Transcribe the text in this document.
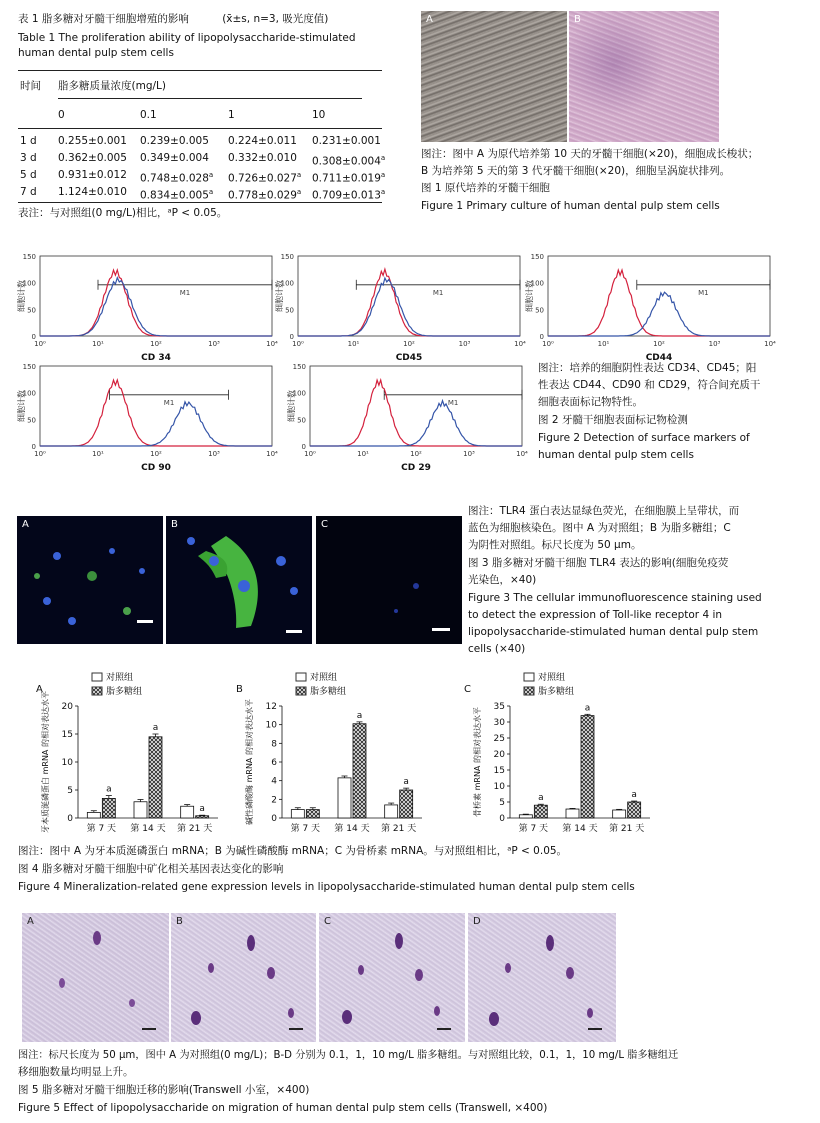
表 1 脂多糖对牙髓干细胞增殖的影响	(x̄±s, n=3, 吸光度值)
Table 1 The proliferation ability of lipopolysaccharide-stimulated
human dental pulp stem cells
时间 脂多糖质量浓度(mg/L)
0	0.1	1	10
1 d 0.255±0.001 0.239±0.005 0.224±0.011 0.231±0.001
3 d 0.362±0.005 0.349±0.004 0.332±0.010 0.308±0.004$^a$
5 d 0.931±0.012 0.748±0.028$^a$ 0.726±0.027$^a$ 0.711±0.019$^a$
7 d 1.124±0.010 0.834±0.005$^a$ 0.778±0.029$^a$ 0.709±0.013$^a$
表注：与对照组(0 mg/L)相比，ᵃP < 0.05。
A	B
图注：图中 A 为原代培养第 10 天的牙髓干细胞(×20)，细胞成长梭状；
B 为培养第 5 天的第 3 代牙髓干细胞(×20)，细胞呈涡旋状排列。
图 1 原代培养的牙髓干细胞
Figure 1 Primary culture of human dental pulp stem cells
0
50
100
150
10⁰	10¹	10²	10³	10⁴
细胞计数
CD 34
M1
0
50
100
150
10⁰	10¹	10²	10³	10⁴
细胞计数
CD45
M1
0
50
100
150
10⁰	10¹	10²	10³	10⁴
细胞计数
CD44
M1
0
50
100
150
10⁰	10¹	10²	10³	10⁴
细胞计数
CD 90
M1
0
50
100
150
10⁰	10¹	10²	10³	10⁴
细胞计数
CD 29
M1
图注：培养的细胞阴性表达 CD34、CD45；阳
性表达 CD44、CD90 和 CD29，符合间充质干
细胞表面标记物特性。
图 2 牙髓干细胞表面标记物检测
Figure 2 Detection of surface markers of
human dental pulp stem cells
A	B	C
图注：TLR4 蛋白表达显绿色荧光，在细胞膜上呈带状，而
蓝色为细胞核染色。图中 A 为对照组；B 为脂多糖组；C
为阴性对照组。标尺长度为 50 μm。
图 3 脂多糖对牙髓干细胞 TLR4 表达的影响(细胞免疫荧
光染色，×40)
Figure 3 The cellular immunofluorescence staining used
to detect the expression of Toll-like receptor 4 in
lipopolysaccharide-stimulated human dental pulp stem
cells (×40)
A
对照组
脂多糖组
0
5
10
15
20
牙本质涎磷蛋白 mRNA 的相对表达水平	第 7 天
a
第 14 天
a
第 21 天
a
B
对照组
脂多糖组
0
2
4
6
8
10
12
碱性磷酸酶 mRNA 的相对表达水平
第 7 天 第 14 天
a
第 21 天
a
C
对照组
脂多糖组
0
5
10
15
20
25
30
35
骨桥素 mRNA 的相对表达水平
第 7 天
a
第 14 天
a
第 21 天
a
图注：图中 A 为牙本质涎磷蛋白 mRNA；B 为碱性磷酸酶 mRNA；C 为骨桥素 mRNA。与对照组相比，ᵃP < 0.05。
图 4 脂多糖对牙髓干细胞中矿化相关基因表达变化的影响
Figure 4 Mineralization-related gene expression levels in lipopolysaccharide-stimulated human dental pulp stem cells
A	B	C	D
图注：标尺长度为 50 μm，图中 A 为对照组(0 mg/L)；B-D 分别为 0.1，1，10 mg/L 脂多糖组。与对照组比较，0.1，1，10 mg/L 脂多糖组迁
移细胞数量均明显上升。
图 5 脂多糖对牙髓干细胞迁移的影响(Transwell 小室，×400)
Figure 5 Effect of lipopolysaccharide on migration of human dental pulp stem cells (Transwell, ×400)
